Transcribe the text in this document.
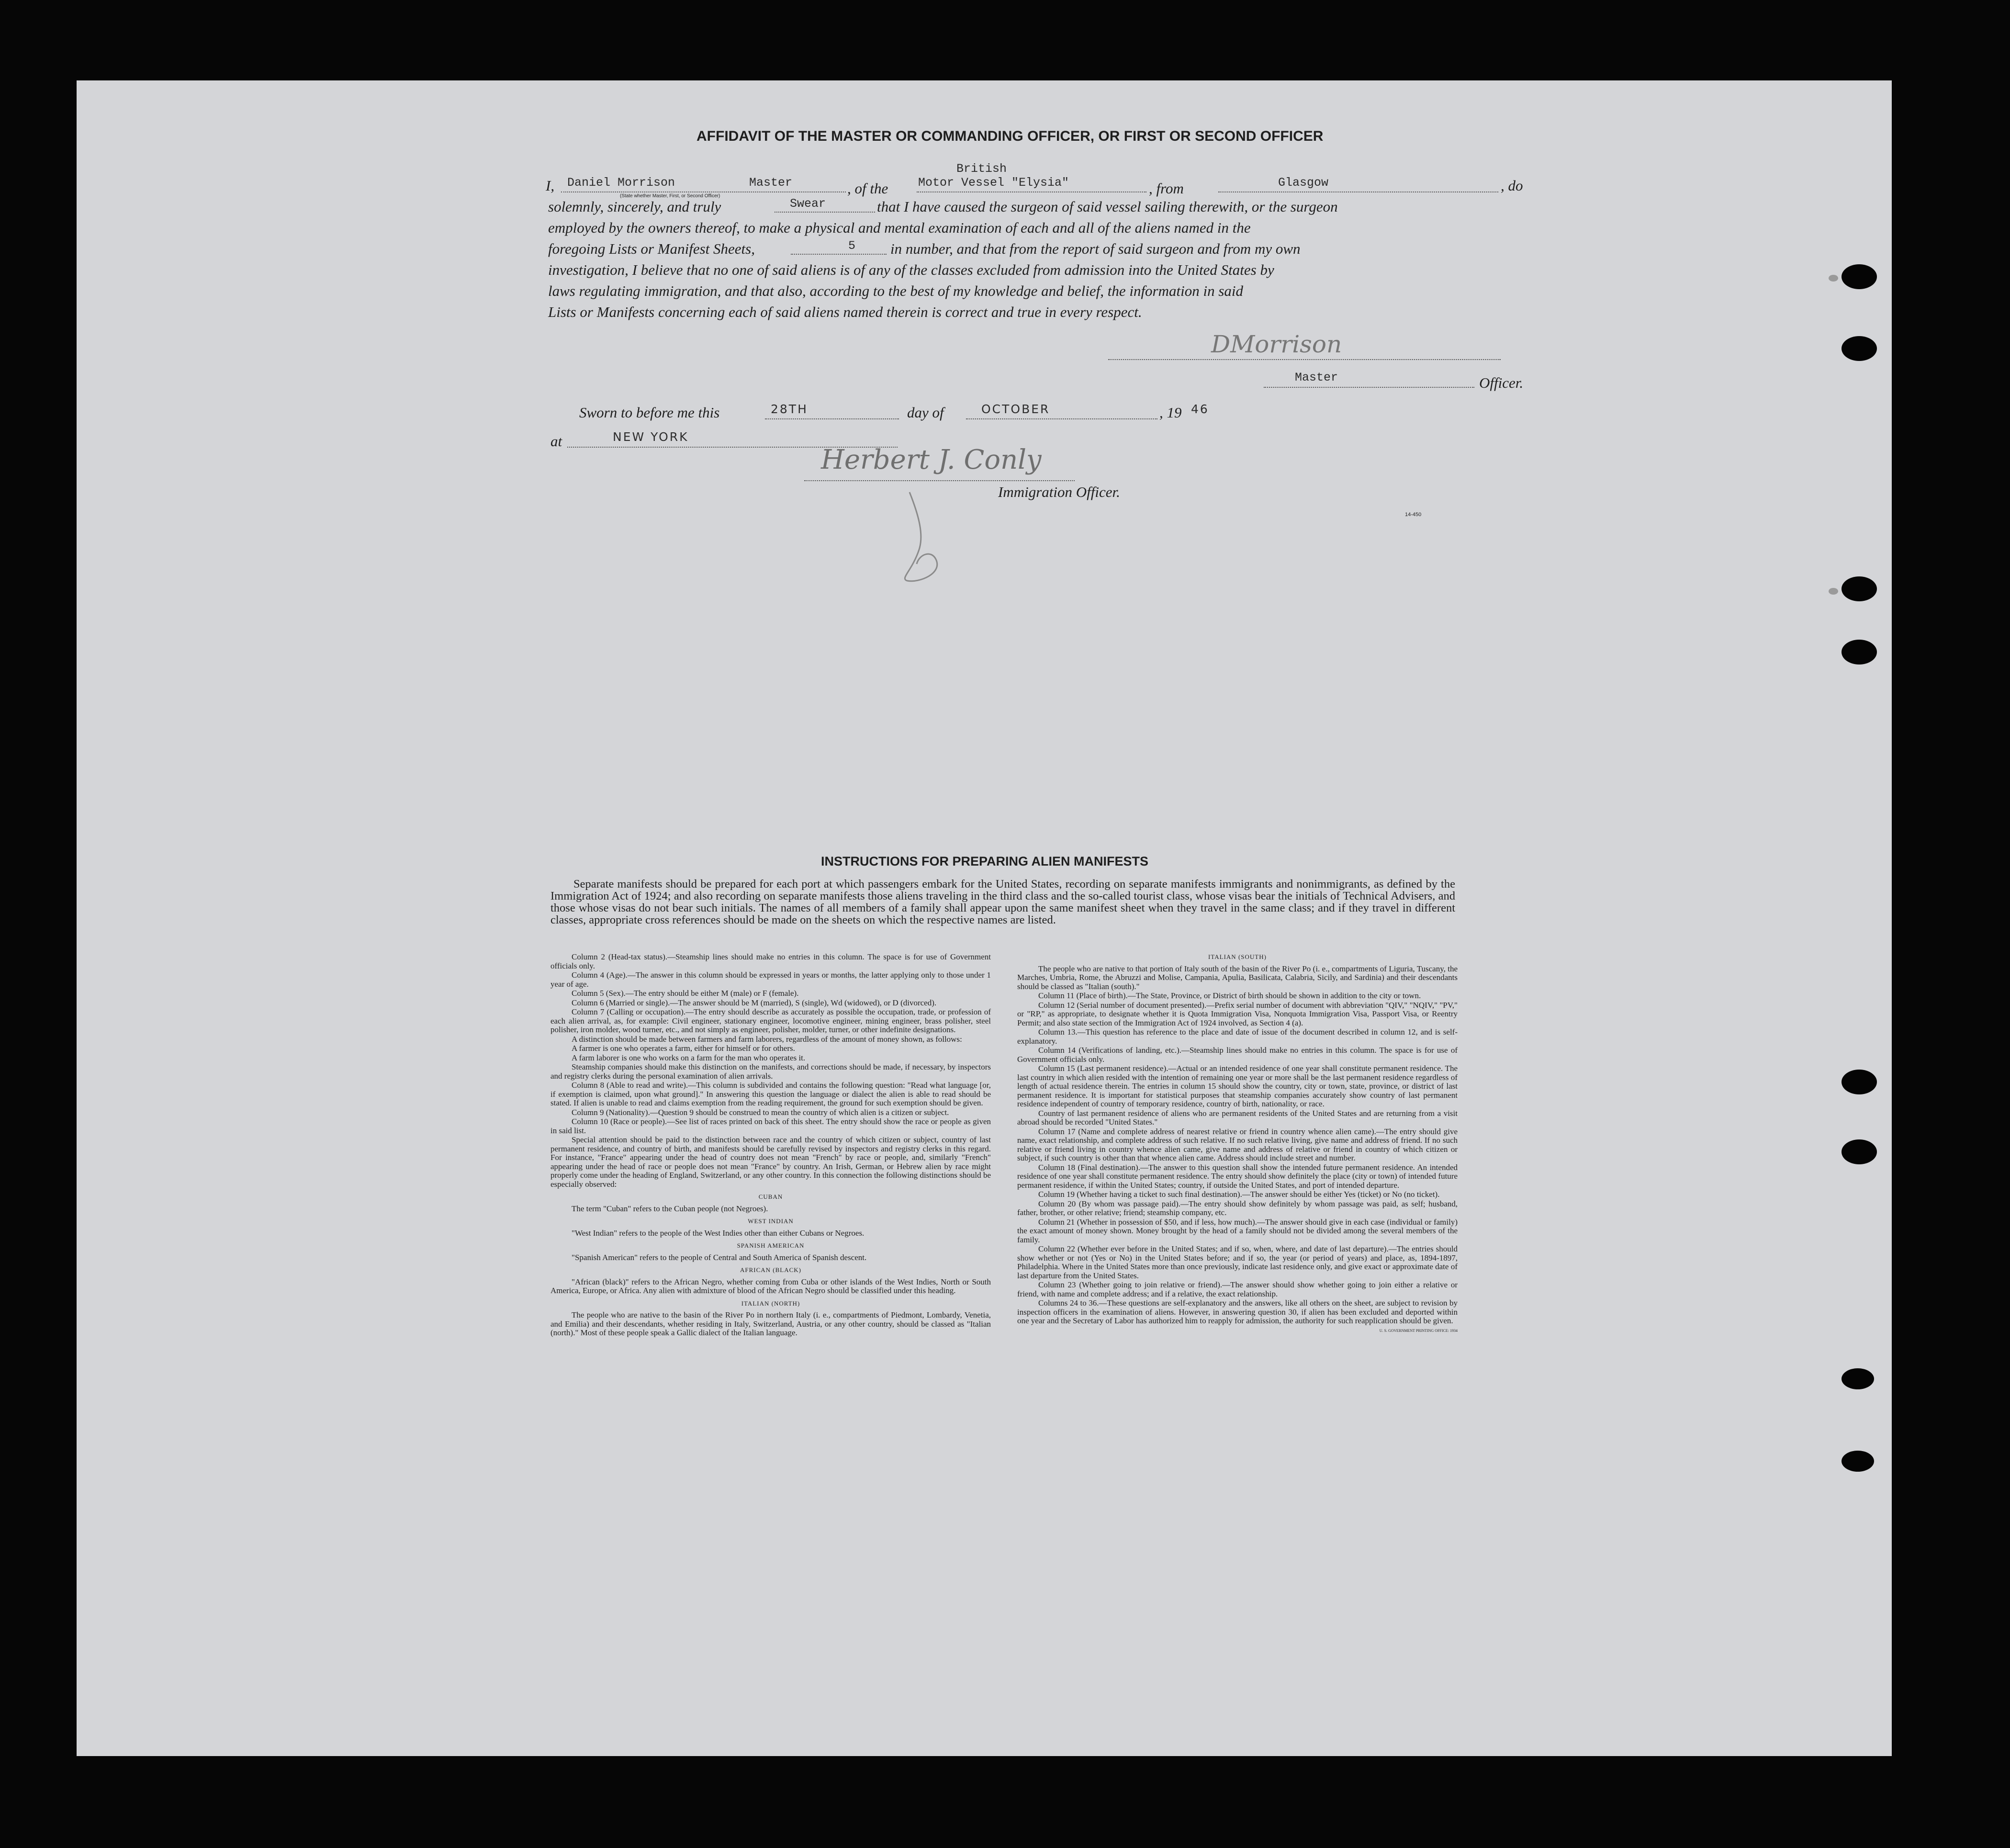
AFFIDAVIT OF THE MASTER OR COMMANDING OFFICER, OR FIRST OR SECOND OFFICER
I, Daniel Morrison	Master
(State whether Master, First, or Second Officer)	, of the
British
Motor Vessel "Elysia"	, from	Glasgow	, do
solemnly, sincerely, and truly	Swear	that I have caused the surgeon of said vessel sailing therewith, or the surgeon
employed by the owners thereof, to make a physical and mental examination of each and all of the aliens named in the
foregoing Lists or Manifest Sheets,	5 in number, and that from the report of said surgeon and from my own
investigation, I believe that no one of said aliens is of any of the classes excluded from admission into the United States by
laws regulating immigration, and that also, according to the best of my knowledge and belief, the information in said
Lists or Manifests concerning each of said aliens named therein is correct and true in every respect.
DMorrison
Master	Officer.
Sworn to before me this	28TH	day of	OCTOBER	, 19 46
at	NEW YORK
Herbert J. Conly
Immigration Officer.
14-450
INSTRUCTIONS FOR PREPARING ALIEN MANIFESTS
Separate manifests should be prepared for each port at which passengers embark for the United States, recording on separate manifests immigrants and nonimmigrants, as defined by the Immigration Act of 1924; and also recording on separate manifests those aliens traveling in the third class and the so-called tourist class, whose visas bear the initials of Technical Advisers, and those whose visas do not bear such initials. The names of all members of a family shall appear upon the same manifest sheet when they travel in the same class; and if they travel in different classes, appropriate cross references should be made on the sheets on which the respective names are listed.

Column 2 (Head-tax status).—Steamship lines should make no entries in this column. The space is for use of Government officials only.

Column 4 (Age).—The answer in this column should be expressed in years or months, the latter applying only to those under 1 year of age.

Column 5 (Sex).—The entry should be either M (male) or F (female).

Column 6 (Married or single).—The answer should be M (married), S (single), Wd (widowed), or D (divorced).

Column 7 (Calling or occupation).—The entry should describe as accurately as possible the occupation, trade, or profession of each alien arrival, as, for example: Civil engineer, stationary engineer, locomotive engineer, mining engineer, brass polisher, steel polisher, iron molder, wood turner, etc., and not simply as engineer, polisher, molder, turner, or other indefinite designations.

A distinction should be made between farmers and farm laborers, regardless of the amount of money shown, as follows:

A farmer is one who operates a farm, either for himself or for others.

A farm laborer is one who works on a farm for the man who operates it.

Steamship companies should make this distinction on the manifests, and corrections should be made, if necessary, by inspectors and registry clerks during the personal examination of alien arrivals.

Column 8 (Able to read and write).—This column is subdivided and contains the following question: "Read what language [or, if exemption is claimed, upon what ground]." In answering this question the language or dialect the alien is able to read should be stated. If alien is unable to read and claims exemption from the reading requirement, the ground for such exemption should be given.

Column 9 (Nationality).—Question 9 should be construed to mean the country of which alien is a citizen or subject.

Column 10 (Race or people).—See list of races printed on back of this sheet. The entry should show the race or people as given in said list.

Special attention should be paid to the distinction between race and the country of which citizen or subject, country of last permanent residence, and country of birth, and manifests should be carefully revised by inspectors and registry clerks in this regard. For instance, "France" appearing under the head of country does not mean "French" by race or people, and, similarly "French" appearing under the head of race or people does not mean "France" by country. An Irish, German, or Hebrew alien by race might properly come under the heading of England, Switzerland, or any other country. In this connection the following distinctions should be especially observed:

CUBAN

The term "Cuban" refers to the Cuban people (not Negroes).

WEST INDIAN

"West Indian" refers to the people of the West Indies other than either Cubans or Negroes.

SPANISH AMERICAN

"Spanish American" refers to the people of Central and South America of Spanish descent.

AFRICAN (BLACK)

"African (black)" refers to the African Negro, whether coming from Cuba or other islands of the West Indies, North or South America, Europe, or Africa. Any alien with admixture of blood of the African Negro should be classified under this heading.

ITALIAN (NORTH)

The people who are native to the basin of the River Po in northern Italy (i. e., compartments of Piedmont, Lombardy, Venetia, and Emilia) and their descendants, whether residing in Italy, Switzerland, Austria, or any other country, should be classed as "Italian (north)." Most of these people speak a Gallic dialect of the Italian language.

ITALIAN (SOUTH)

The people who are native to that portion of Italy south of the basin of the River Po (i. e., compartments of Liguria, Tuscany, the Marches, Umbria, Rome, the Abruzzi and Molise, Campania, Apulia, Basilicata, Calabria, Sicily, and Sardinia) and their descendants should be classed as "Italian (south)."

Column 11 (Place of birth).—The State, Province, or District of birth should be shown in addition to the city or town.

Column 12 (Serial number of document presented).—Prefix serial number of document with abbreviation "QIV," "NQIV," "PV," or "RP," as appropriate, to designate whether it is Quota Immigration Visa, Nonquota Immigration Visa, Passport Visa, or Reentry Permit; and also state section of the Immigration Act of 1924 involved, as Section 4 (a).

Column 13.—This question has reference to the place and date of issue of the document described in column 12, and is self-explanatory.

Column 14 (Verifications of landing, etc.).—Steamship lines should make no entries in this column. The space is for use of Government officials only.

Column 15 (Last permanent residence).—Actual or an intended residence of one year shall constitute permanent residence. The last country in which alien resided with the intention of remaining one year or more shall be the last permanent residence regardless of length of actual residence therein. The entries in column 15 should show the country, city or town, state, province, or district of last permanent residence. It is important for statistical purposes that steamship companies accurately show country of last permanent residence independent of country of temporary residence, country of birth, nationality, or race.

Country of last permanent residence of aliens who are permanent residents of the United States and are returning from a visit abroad should be recorded "United States."

Column 17 (Name and complete address of nearest relative or friend in country whence alien came).—The entry should give name, exact relationship, and complete address of such relative. If no such relative living, give name and address of friend. If no such relative or friend living in country whence alien came, give name and address of relative or friend in country of which citizen or subject, if such country is other than that whence alien came. Address should include street and number.

Column 18 (Final destination).—The answer to this question shall show the intended future permanent residence. An intended residence of one year shall constitute permanent residence. The entry should show definitely the place (city or town) of intended future permanent residence, if within the United States; country, if outside the United States, and port of intended departure.

Column 19 (Whether having a ticket to such final destination).—The answer should be either Yes (ticket) or No (no ticket).

Column 20 (By whom was passage paid).—The entry should show definitely by whom passage was paid, as self; husband, father, brother, or other relative; friend; steamship company, etc.

Column 21 (Whether in possession of $50, and if less, how much).—The answer should give in each case (individual or family) the exact amount of money shown. Money brought by the head of a family should not be divided among the several members of the family.

Column 22 (Whether ever before in the United States; and if so, when, where, and date of last departure).—The entries should show whether or not (Yes or No) in the United States before; and if so, the year (or period of years) and place, as, 1894-1897, Philadelphia. Where in the United States more than once previously, indicate last residence only, and give exact or approximate date of last departure from the United States.

Column 23 (Whether going to join relative or friend).—The answer should show whether going to join either a relative or friend, with name and complete address; and if a relative, the exact relationship.

Columns 24 to 36.—These questions are self-explanatory and the answers, like all others on the sheet, are subject to revision by inspection officers in the examination of aliens. However, in answering question 30, if alien has been excluded and deported within one year and the Secretary of Labor has authorized him to reapply for admission, the authority for such reapplication should be given.

U. S. GOVERNMENT PRINTING OFFICE: 1934
